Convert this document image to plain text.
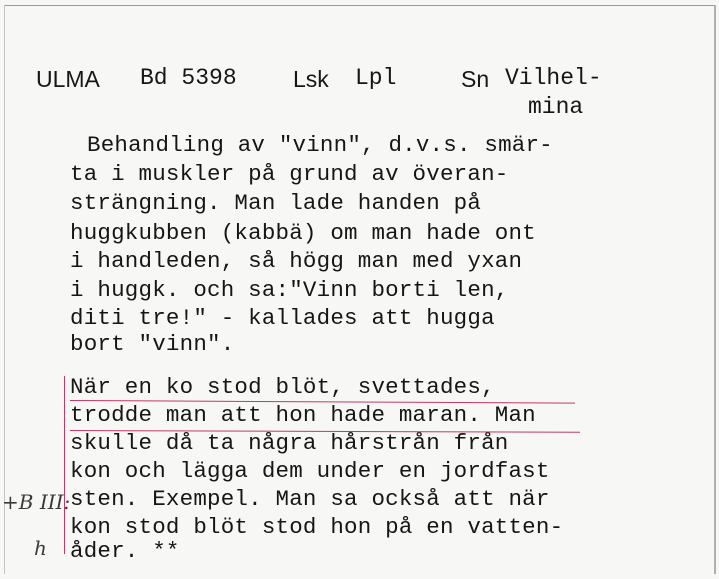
ULMA Bd 5398 Lsk Lpl	Sn Vilhel-
mina
Behandling av "vinn", d.v.s. smär-
ta i muskler på grund av överan-
strängning. Man lade handen på
huggkubben (kabbä) om man hade ont
i handleden, så högg man med yxan
i huggk. och sa:"Vinn borti len,
diti tre!" - kallades att hugga
bort "vinn".
När en ko stod blöt, svettades,
trodde man att hon hade maran. Man
skulle då ta några hårstrån från
kon och lägga dem under en jordfast
sten. Exempel. Man sa också att när
kon stod blöt stod hon på en vatten-
åder. **
+B III:
h
